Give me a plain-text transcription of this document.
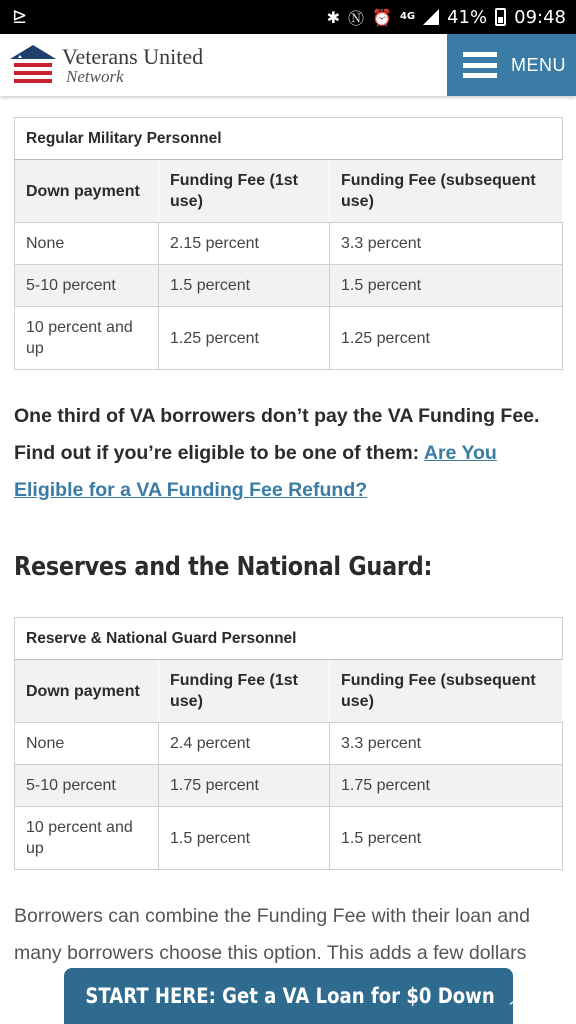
⊵	✱ Ⓝ ⏰ 4G 41% 09:48
Veterans United
Network
MENU
Regular Military Personnel		
Down payment	Funding Fee (1st use)	Funding Fee (subsequent use)
None	2.15 percent	3.3 percent
5-10 percent	1.5 percent	1.5 percent
10 percent and up	1.25 percent	1.25 percent

One third of VA borrowers don’t pay the VA Funding Fee. Find out if you’re eligible to be one of them: Are You Eligible for a VA Funding Fee Refund?

Reserves and the National Guard:
Reserve & National Guard Personnel		
Down payment	Funding Fee (1st use)	Funding Fee (subsequent use)
None	2.4 percent	3.3 percent
5-10 percent	1.75 percent	1.75 percent
10 percent and up	1.5 percent	1.5 percent

Borrowers can combine the Funding Fee with their loan and many borrowers choose this option. This adds a few dollars

START HERE: Get a VA Loan for $0 Down ︿
